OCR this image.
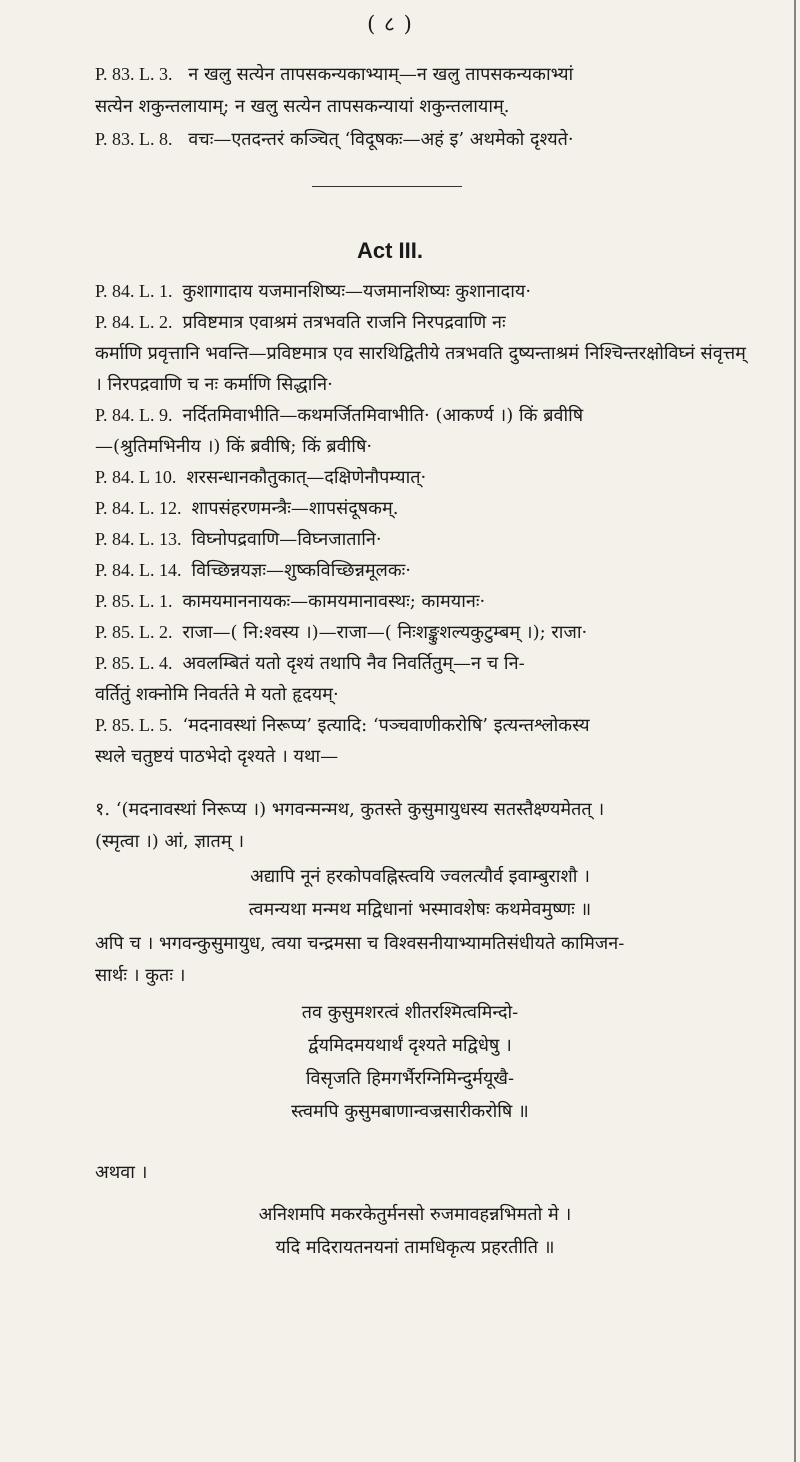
( ८ )
P. 83. L. 3. न खलु सत्येन तापसकन्यकाभ्याम्—न खलु तापसकन्यकाभ्यां
सत्येन शकुन्तलायाम्; न खलु सत्येन तापसकन्यायां शकुन्तलायाम्.
P. 83. L. 8. वचः—एतदन्तरं कञ्चित् ‘विदूषकः—अहं इ’ अथमेको दृश्यते·
Act III.
P. 84. L. 1. कुशागादाय यजमानशिष्यः—यजमानशिष्यः कुशानादाय·
P. 84. L. 2. प्रविष्टमात्र एवाश्रमं तत्रभवति राजनि निरपद्रवाणि नः
कर्माणि प्रवृत्तानि भवन्ति—प्रविष्टमात्र एव सारथिद्वितीये तत्रभवति दुष्यन्ताश्रमं निश्चिन्तरक्षोविघ्नं संवृत्तम् । निरपद्रवाणि च नः कर्माणि सिद्धानि·
P. 84. L. 9. नर्दितमिवाभीति—कथमर्जितमिवाभीति· (आकर्ण्य ।) किं ब्रवीषि
—(श्रुतिमभिनीय ।) किं ब्रवीषि; किं ब्रवीषि·
P. 84. L 10. शरसन्धानकौतुकात्—दक्षिणेनौपम्यात्·
P. 84. L. 12. शापसंहरणमन्त्रैः—शापसंदूषकम्.
P. 84. L. 13. विघ्नोपद्रवाणि—विघ्नजातानि·
P. 84. L. 14. विच्छिन्नयज्ञः—शुष्कविच्छिन्नमूलकः·
P. 85. L. 1. कामयमाननायकः—कामयमानावस्थः; कामयानः·
P. 85. L. 2. राजा—( नि:श्वस्य ।)—राजा—( निःशङ्कुशल्यकुटुम्बम् ।); राजा·
P. 85. L. 4. अवलम्बितं यतो दृश्यं तथापि नैव निवर्तितुम्—न च नि-
वर्तितुं शक्नोमि निवर्तते मे यतो हृदयम्·
P. 85. L. 5. ‘मदनावस्थां निरूप्य’ इत्यादि: ‘पञ्चवाणीकरोषि’ इत्यन्तश्लोकस्य
स्थले चतुष्टयं पाठभेदो दृश्यते । यथा—
१. ‘(मदनावस्थां निरूप्य ।) भगवन्मन्मथ, कुतस्ते कुसुमायुधस्य सतस्तैक्ष्ण्यमेतत् ।
(स्मृत्वा ।) आं, ज्ञातम् ।
अद्यापि नूनं हरकोपवह्निस्त्वयि ज्वलत्यौर्व इवाम्बुराशौ ।
त्वमन्यथा मन्मथ मद्विधानां भस्मावशेषः कथमेवमुष्णः ॥
अपि च । भगवन्कुसुमायुध, त्वया चन्द्रमसा च विश्वसनीयाभ्यामतिसंधीयते कामिजन-
सार्थः । कुतः ।
तव कुसुमशरत्वं शीतरश्मित्वमिन्दो-
र्द्वयमिदमयथार्थं दृश्यते मद्विधेषु ।
विसृजति हिमगर्भैरग्निमिन्दुर्मयूखै-
स्त्वमपि कुसुमबाणान्वज्रसारीकरोषि ॥
अथवा ।
अनिशमपि मकरकेतुर्मनसो रुजमावहन्नभिमतो मे ।
यदि मदिरायतनयनां तामधिकृत्य प्रहरतीति ॥
